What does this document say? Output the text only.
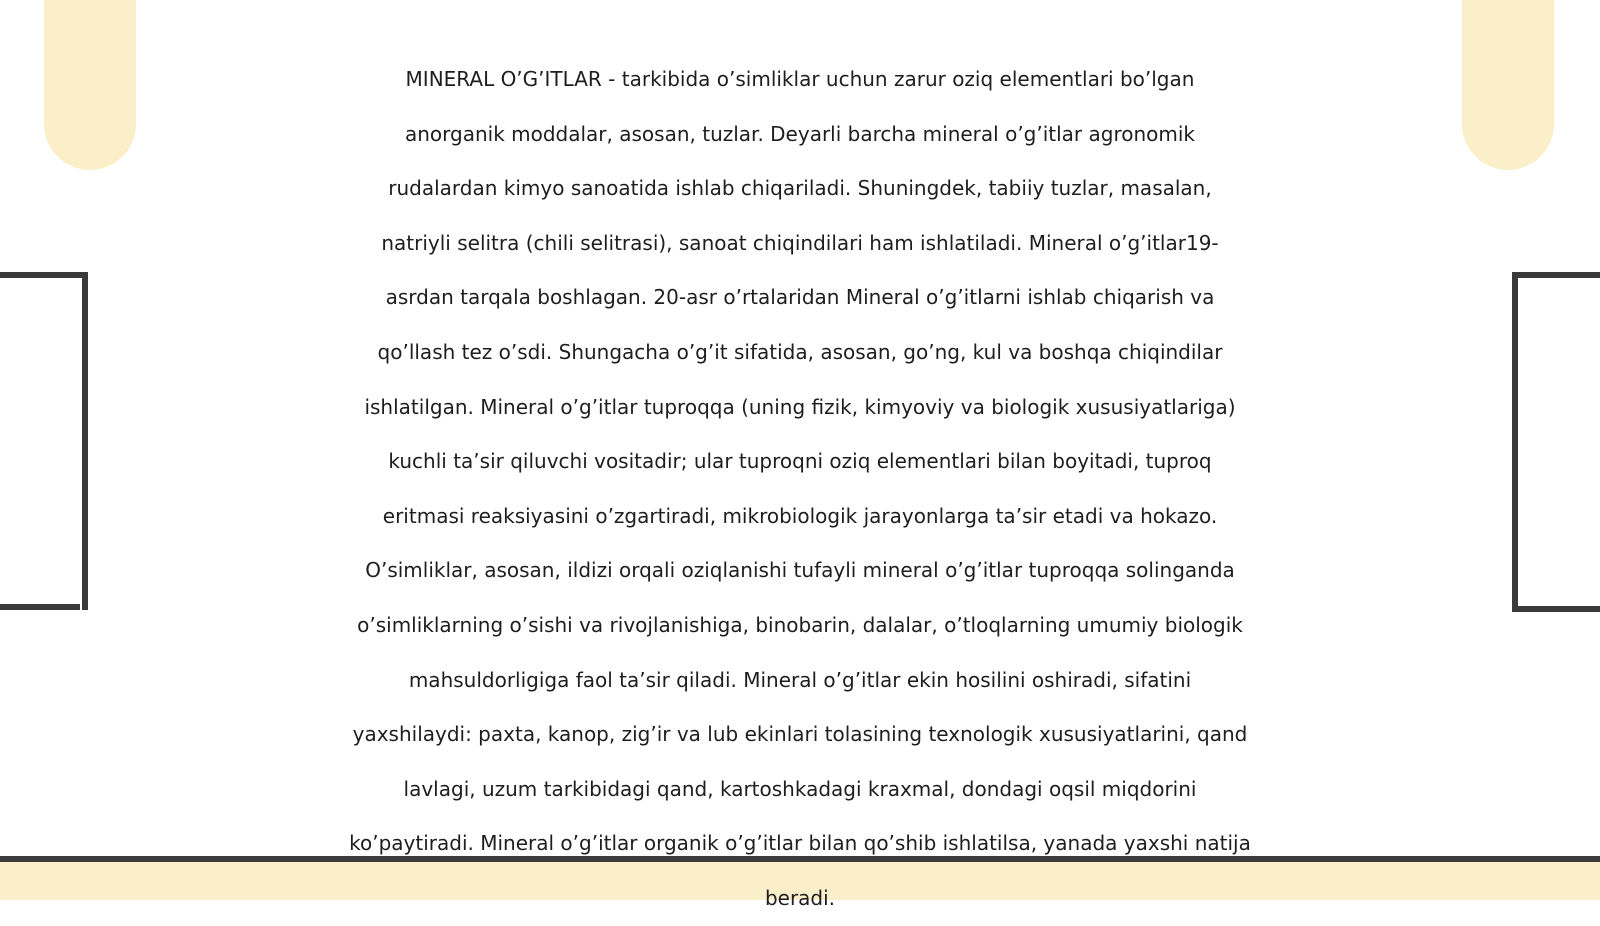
MINERAL O’G’ITLAR - tarkibida o’simliklar uchun zarur oziq elementlari bo’lgan
anorganik moddalar, asosan, tuzlar. Deyarli barcha mineral o’g’itlar agronomik
rudalardan kimyo sanoatida ishlab chiqariladi. Shuningdek, tabiiy tuzlar, masalan,
natriyli selitra (chili selitrasi), sanoat chiqindilari ham ishlatiladi. Mineral o’g’itlar19-
asrdan tarqala boshlagan. 20-asr o’rtalaridan Mineral o’g’itlarni ishlab chiqarish va
qo’llash tez o’sdi. Shungacha o’g’it sifatida, asosan, go’ng, kul va boshqa chiqindilar
ishlatilgan. Mineral o’g’itlar tuproqqa (uning fizik, kimyoviy va biologik xususiyatlariga)
kuchli ta’sir qiluvchi vositadir; ular tuproqni oziq elementlari bilan boyitadi, tuproq
eritmasi reaksiyasini o’zgartiradi, mikrobiologik jarayonlarga ta’sir etadi va hokazo.
O’simliklar, asosan, ildizi orqali oziqlanishi tufayli mineral o’g’itlar tuproqqa solinganda
o’simliklarning o’sishi va rivojlanishiga, binobarin, dalalar, o’tloqlarning umumiy biologik
mahsuldorligiga faol ta’sir qiladi. Mineral o’g’itlar ekin hosilini oshiradi, sifatini
yaxshilaydi: paxta, kanop, zig’ir va lub ekinlari tolasining texnologik xususiyatlarini, qand
lavlagi, uzum tarkibidagi qand, kartoshkadagi kraxmal, dondagi oqsil miqdorini
ko’paytiradi. Mineral o’g’itlar organik o’g’itlar bilan qo’shib ishlatilsa, yanada yaxshi natija
beradi.
